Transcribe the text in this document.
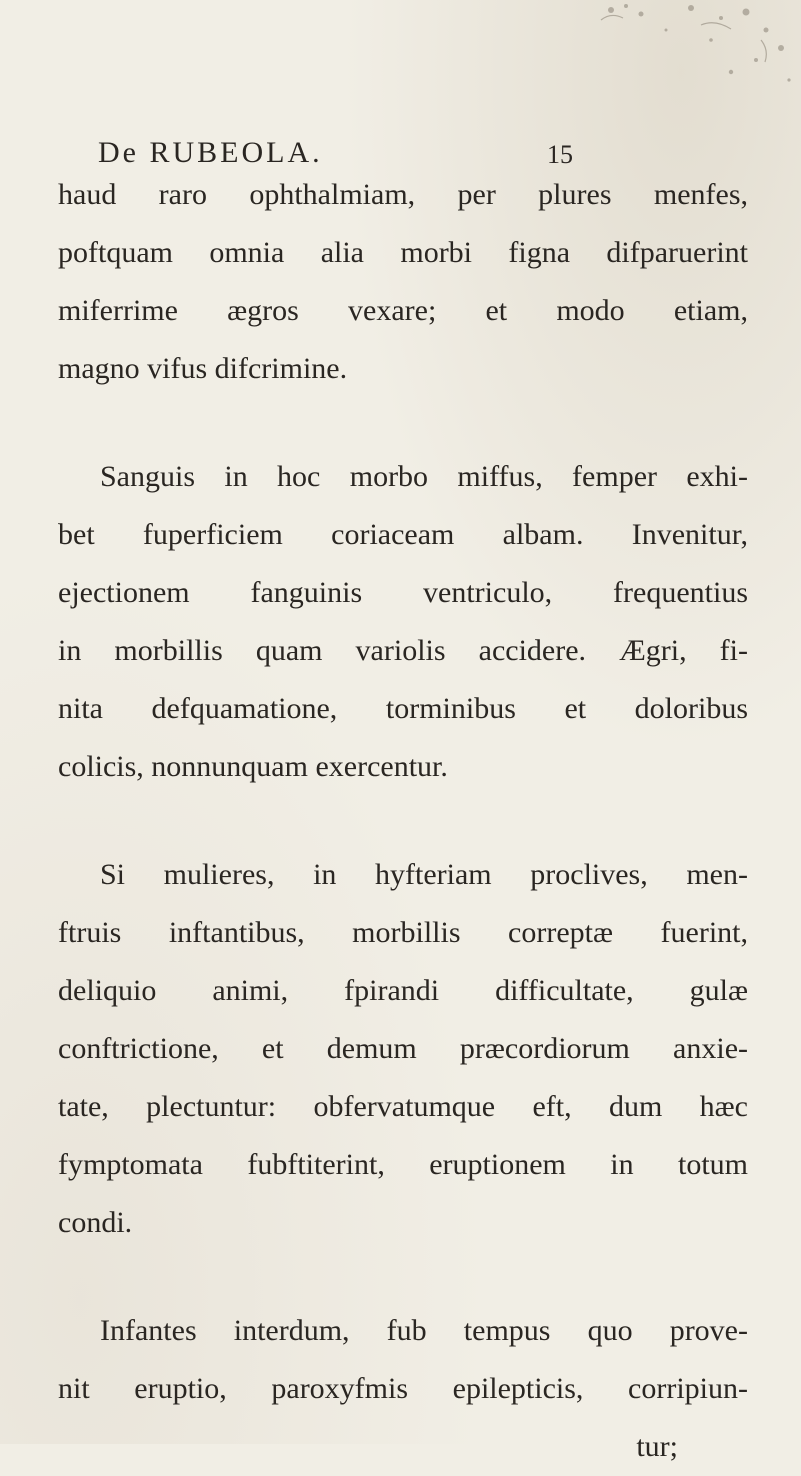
De RUBEOLA.	15
haud raro ophthalmiam, per plures menfes,
poftquam omnia alia morbi figna difparuerint
miferrime ægros vexare; et modo etiam,
magno vifus difcrimine.
Sanguis in hoc morbo miffus, femper exhi-
bet fuperficiem coriaceam albam. Invenitur,
ejectionem fanguinis ventriculo, frequentius
in morbillis quam variolis accidere. Ægri, fi-
nita defquamatione, torminibus et doloribus
colicis, nonnunquam exercentur.
Si mulieres, in hyfteriam proclives, men-
ftruis inftantibus, morbillis correptæ fuerint,
deliquio animi, fpirandi difficultate, gulæ
conftrictione, et demum præcordiorum anxie-
tate, plectuntur: obfervatumque eft, dum hæc
fymptomata fubftiterint, eruptionem in totum
condi.
Infantes interdum, fub tempus quo prove-
nit eruptio, paroxyfmis epilepticis, corripiun-
tur;
